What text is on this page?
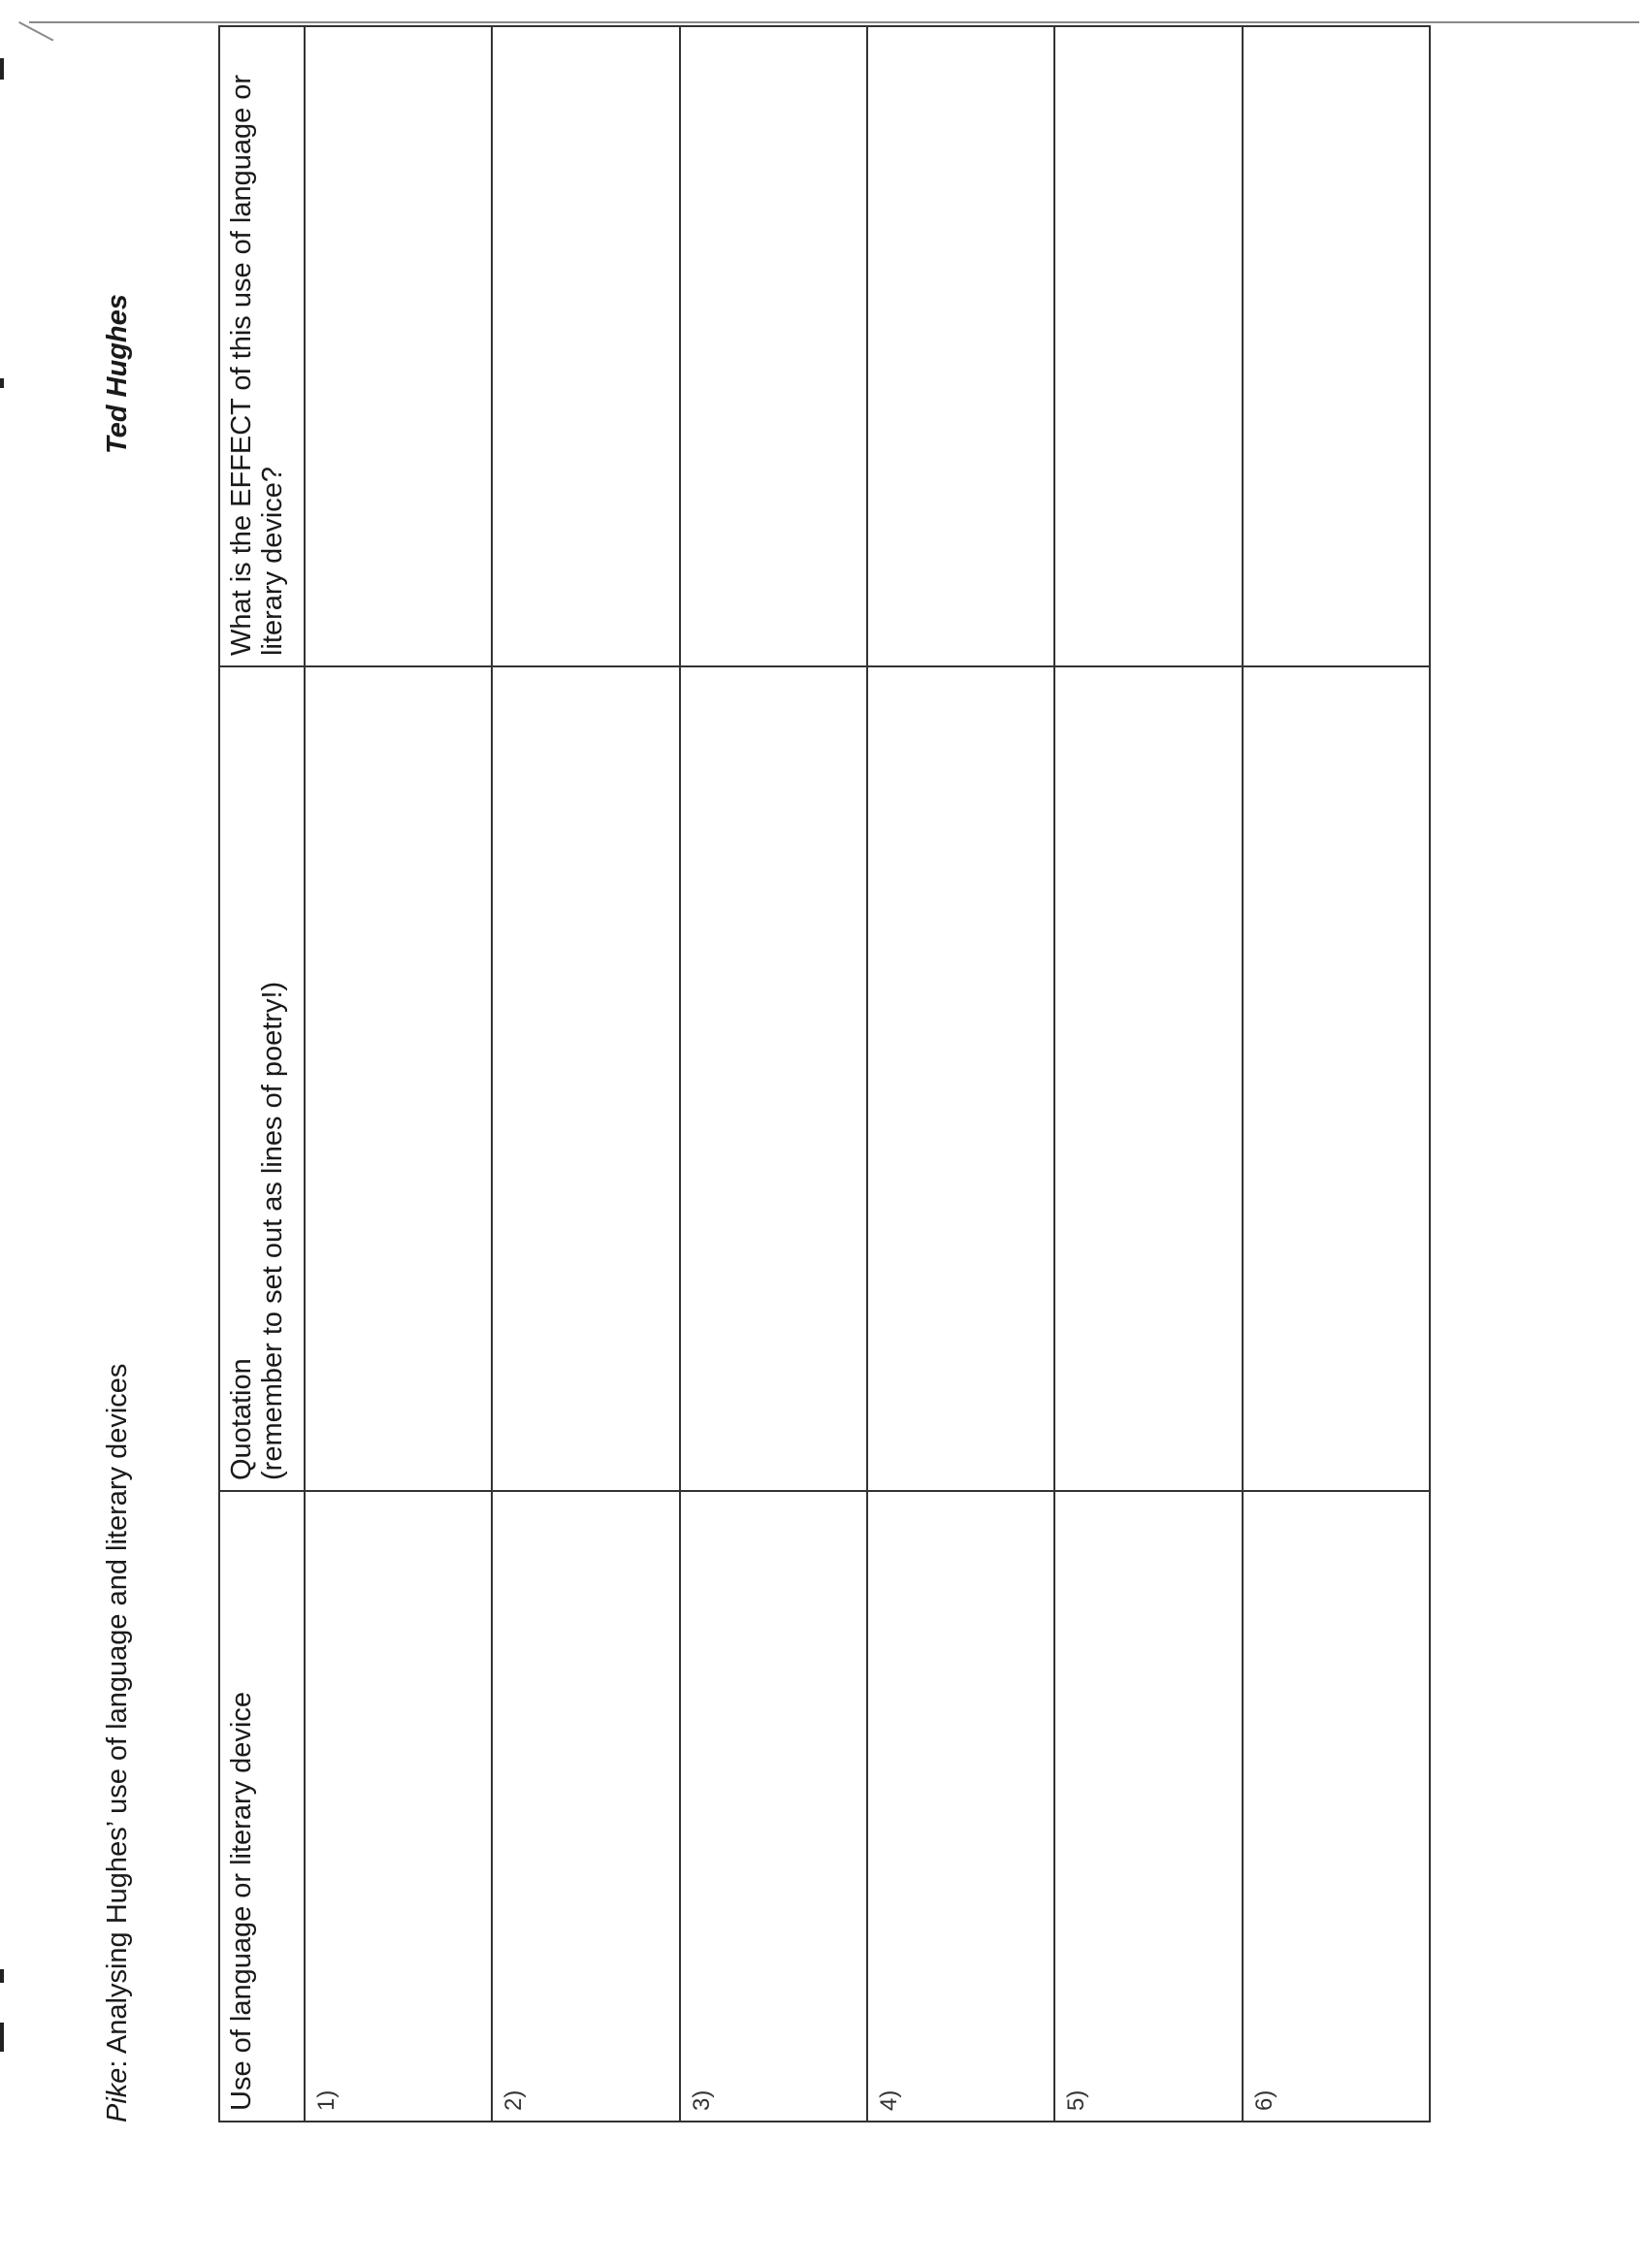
Pike: Analysing Hughes’ use of language and literary devices
Ted Hughes
Use of language or literary device	Quotation (remember to set out as lines of poetry!)	What is the EFFECT of this use of language or literary device?
1)		
2)		
3)		
4)		
5)		
6)		
